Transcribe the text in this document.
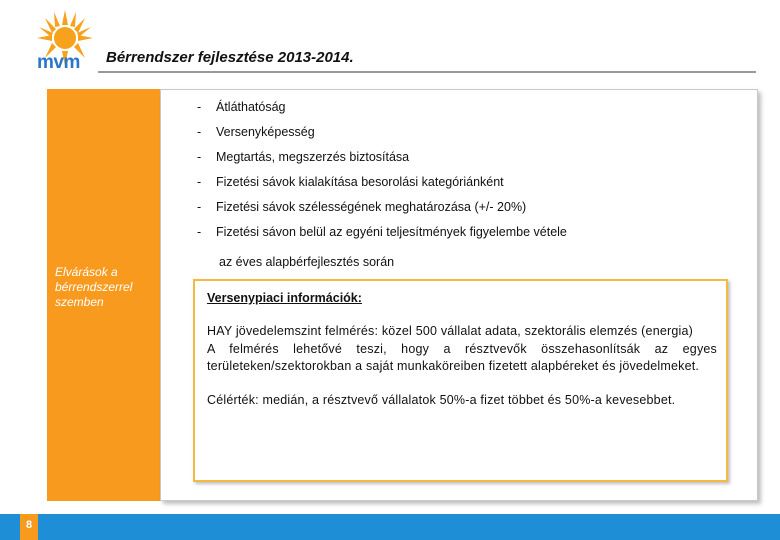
mvm Bérrendszer fejlesztése 2013-2014.
Elvárások a bérrendszerrel szemben
- Átláthatóság
- Versenyképesség
- Megtartás, megszerzés biztosítása
- Fizetési sávok kialakítása besorolási kategóriánként
- Fizetési sávok szélességének meghatározása (+/- 20%)
- Fizetési sávon belül az egyéni teljesítmények figyelembe vétele
az éves alapbérfejlesztés során
Versenypiaci információk:

HAY jövedelemszint felmérés: közel 500 vállalat adata, szektorális elemzés (energia)

A felmérés lehetővé teszi, hogy a résztvevők összehasonlítsák az egyes területeken/szektorokban a saját munkaköreiben fizetett alapbéreket és jövedelmeket.

Célérték: medián, a résztvevő vállalatok 50%-a fizet többet és 50%-a kevesebbet.

8
